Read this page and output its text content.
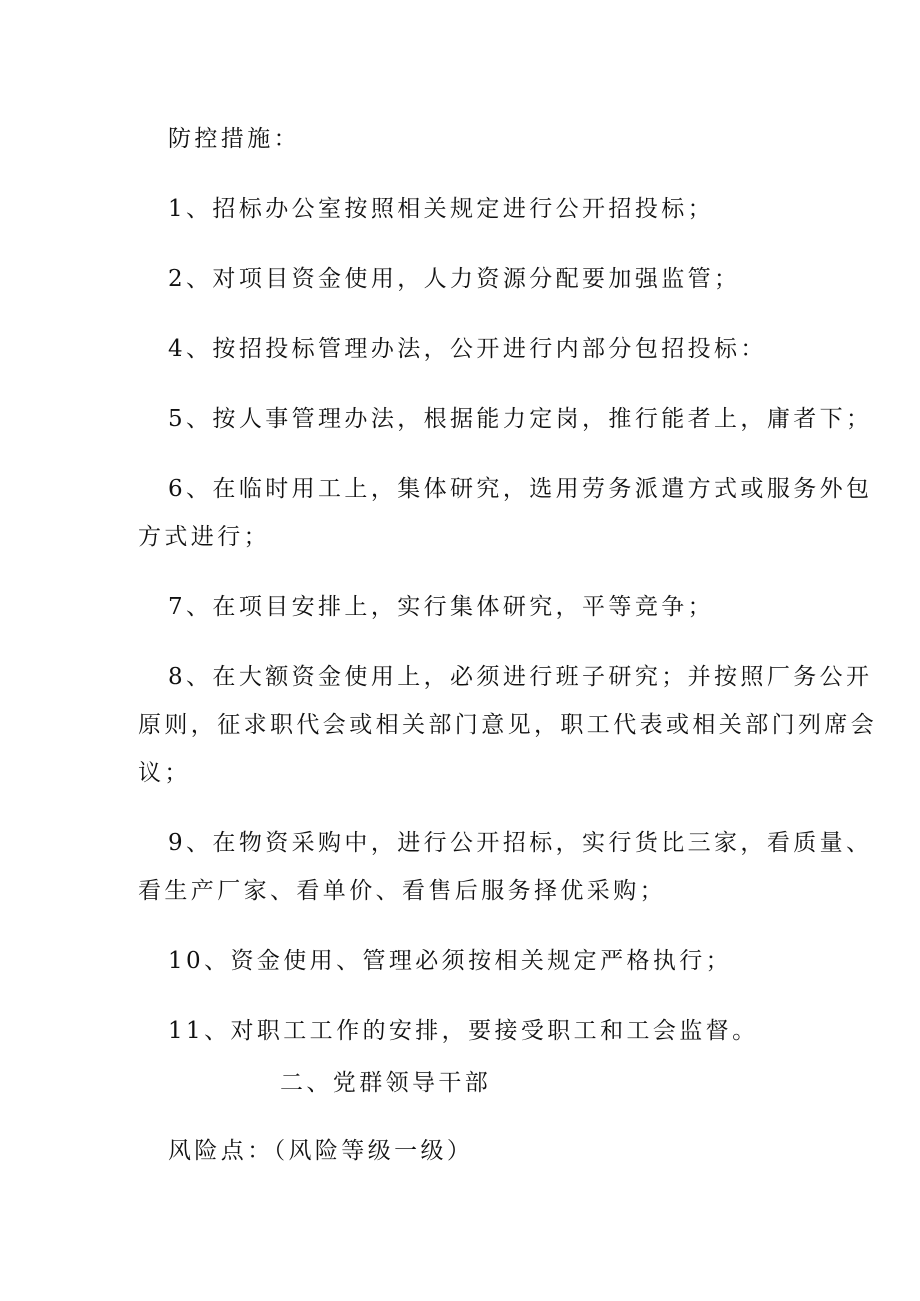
防控措施：
1、招标办公室按照相关规定进行公开招投标；
2、对项目资金使用，人力资源分配要加强监管；
4、按招投标管理办法，公开进行内部分包招投标：
5、按人事管理办法，根据能力定岗，推行能者上，庸者下；
6、在临时用工上，集体研究，选用劳务派遣方式或服务外包
方式进行；
7、在项目安排上，实行集体研究，平等竞争；
8、在大额资金使用上，必须进行班子研究；并按照厂务公开
原则，征求职代会或相关部门意见，职工代表或相关部门列席会
议；
9、在物资采购中，进行公开招标，实行货比三家，看质量、
看生产厂家、看单价、看售后服务择优采购；
10、资金使用、管理必须按相关规定严格执行；
11、对职工工作的安排，要接受职工和工会监督。
二、党群领导干部
风险点：（风险等级一级）
